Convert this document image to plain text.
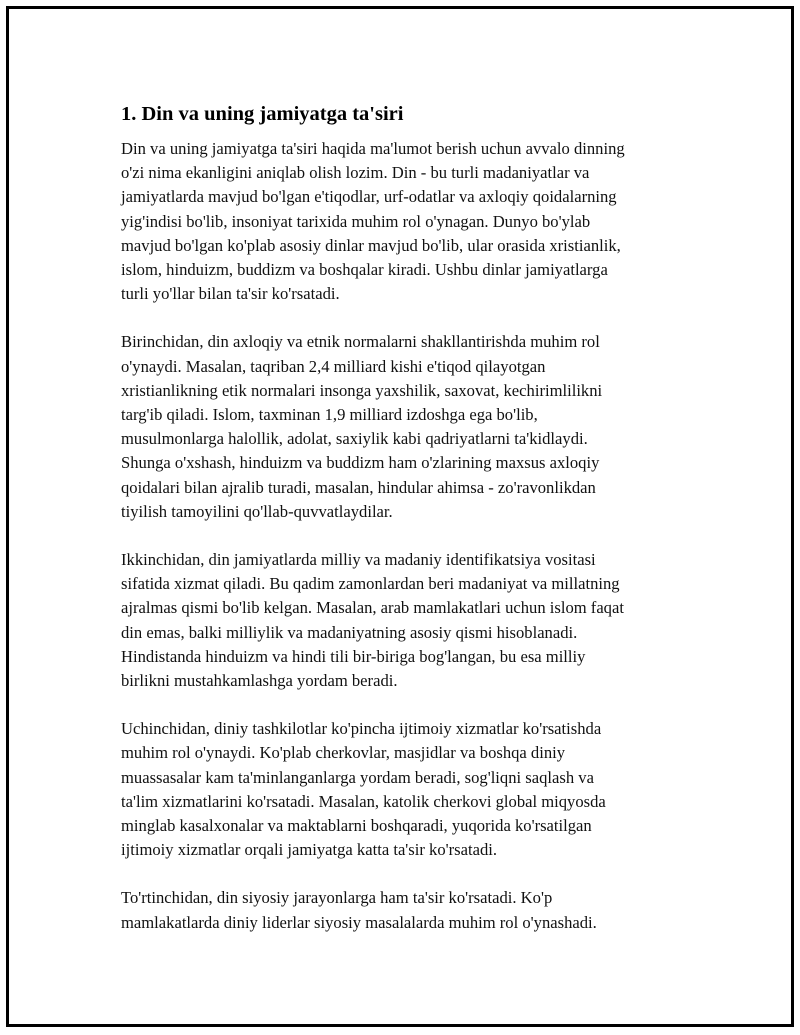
1. Din va uning jamiyatga ta'siri

Din va uning jamiyatga ta'siri haqida ma'lumot berish uchun avvalo dinning
o'zi nima ekanligini aniqlab olish lozim. Din - bu turli madaniyatlar va
jamiyatlarda mavjud bo'lgan e'tiqodlar, urf-odatlar va axloqiy qoidalarning
yig'indisi bo'lib, insoniyat tarixida muhim rol o'ynagan. Dunyo bo'ylab
mavjud bo'lgan ko'plab asosiy dinlar mavjud bo'lib, ular orasida xristianlik,
islom, hinduizm, buddizm va boshqalar kiradi. Ushbu dinlar jamiyatlarga
turli yo'llar bilan ta'sir ko'rsatadi.

Birinchidan, din axloqiy va etnik normalarni shakllantirishda muhim rol
o'ynaydi. Masalan, taqriban 2,4 milliard kishi e'tiqod qilayotgan
xristianlikning etik normalari insonga yaxshilik, saxovat, kechirimlilikni
targ'ib qiladi. Islom, taxminan 1,9 milliard izdoshga ega bo'lib,
musulmonlarga halollik, adolat, saxiylik kabi qadriyatlarni ta'kidlaydi.
Shunga o'xshash, hinduizm va buddizm ham o'zlarining maxsus axloqiy
qoidalari bilan ajralib turadi, masalan, hindular ahimsa - zo'ravonlikdan
tiyilish tamoyilini qo'llab-quvvatlaydilar.

Ikkinchidan, din jamiyatlarda milliy va madaniy identifikatsiya vositasi
sifatida xizmat qiladi. Bu qadim zamonlardan beri madaniyat va millatning
ajralmas qismi bo'lib kelgan. Masalan, arab mamlakatlari uchun islom faqat
din emas, balki milliylik va madaniyatning asosiy qismi hisoblanadi.
Hindistanda hinduizm va hindi tili bir-biriga bog'langan, bu esa milliy
birlikni mustahkamlashga yordam beradi.

Uchinchidan, diniy tashkilotlar ko'pincha ijtimoiy xizmatlar ko'rsatishda
muhim rol o'ynaydi. Ko'plab cherkovlar, masjidlar va boshqa diniy
muassasalar kam ta'minlanganlarga yordam beradi, sog'liqni saqlash va
ta'lim xizmatlarini ko'rsatadi. Masalan, katolik cherkovi global miqyosda
minglab kasalxonalar va maktablarni boshqaradi, yuqorida ko'rsatilgan
ijtimoiy xizmatlar orqali jamiyatga katta ta'sir ko'rsatadi.

To'rtinchidan, din siyosiy jarayonlarga ham ta'sir ko'rsatadi. Ko'p
mamlakatlarda diniy liderlar siyosiy masalalarda muhim rol o'ynashadi.
